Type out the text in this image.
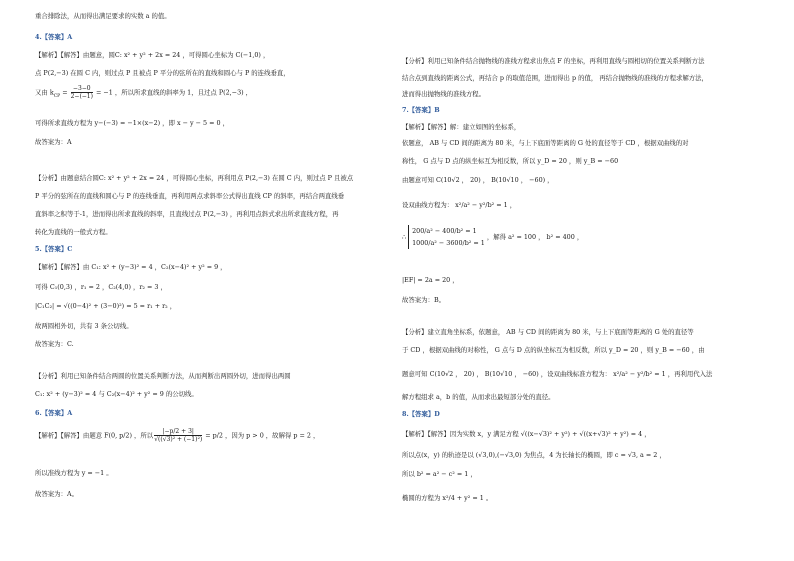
重合排除法，从而得出满足要求的实数 a 的值。
4.【答案】A
【解析】【解答】由题意，圆C: x² + y² + 2x = 24 ，可得圆心坐标为 C(−1,0) ，
点 P(2,−3) 在圆 C 内，则过点 P 且被点 P 平分的弦所在的直线和圆心与 P 的连线垂直，
又由 $k_{CP} = \frac{-3-0}{2-(-1)} = -1$ ，所以所求直线的斜率为 1，且过点 P(2,−3) ，
可得所求直线方程为 y−(−3) = −1×(x−2) ，即 x − y − 5 = 0 ，
故答案为：A
【分析】由题意结合圆C: x² + y² + 2x = 24 ，可得圆心坐标，再利用点 P(2,−3) 在圆 C 内，则过点 P 且被点
P 平分的弦所在的直线和圆心与 P 的连线垂直，再利用两点求斜率公式得出直线 CP 的斜率，再结合两直线垂
直斜率之积等于-1，进而得出所求直线的斜率，且直线过点 P(2,−3) ，再利用点斜式求出所求直线方程，再
转化为直线的一般式方程。
5.【答案】C
【解析】【解答】由 C₁: x² + (y−3)² = 4 ，C₂(x−4)² + y² = 9 ，
可得 C₁(0,3) ，r₁ = 2 ，C₂(4,0) ，r₂ = 3 ，
|C₁C₂| = √((0−4)² + (3−0)²) = 5 = r₁ + r₂ ，
故两圆相外切，共有 3 条公切线。
故答案为：C.
【分析】利用已知条件结合两圆的位置关系判断方法，从而判断出两圆外切，进而得出两圆
C₁: x² + (y−3)² = 4 与 C₂(x−4)² + y² = 9 的公切线。
6.【答案】A
【解析】【解答】由题意 F(0, p/2) ，所以 $\frac{|-p/2 + 3|}{\text{√((√3)² + (−1)²)}} = p/2$ ，因为 p > 0 ，故解得 p = 2 ，
所以准线方程为 y = −1 。
故答案为：A。
【分析】利用已知条件结合抛物线的准线方程求出焦点 F 的坐标，再利用直线与圆相切的位置关系判断方法
结合点到直线的距离公式，再结合 p 的取值范围，进而得出 p 的值， 再结合抛物线的准线的方程求解方法，
进而得出抛物线的准线方程。
7.【答案】B
【解析】【解答】解：建立如图的坐标系，
依题意， AB 与 CD 间的距离为 80 米，与上下底面等距离的 G 处的直径等于 CD ，根据双曲线的对
称性， G 点与 D 点的纵坐标互为相反数，所以 y_D = 20 ，则 y_B = −60
由题意可知 C(10√2 ， 20) ， B(10√10 ， −60) ，
设双曲线方程为： x²/a² − y²/b² = 1 ，
∴
200/a² − 400/b² = 1
1000/a² − 3600/b² = 1
，解得 a² = 100 ， b² = 400 ，
|EF| = 2a = 20 ，
故答案为：B。
【分析】建立直角坐标系，依题意， AB 与 CD 间的距离为 80 米，与上下底面等距离的 G 处的直径等
于 CD ，根据双曲线的对称性， G 点与 D 点的纵坐标互为相反数，所以 y_D = 20 ，则 y_B = −60 ，由
题意可知 C(10√2 ， 20) ， B(10√10 ， −60) ，设双曲线标准方程为： x²/a² − y²/b² = 1 ，再利用代入法
解方程组求 a，b 的值，从而求出最短部分处的直径。
8.【答案】D
【解析】【解答】因为实数 x，y 满足方程 √((x−√3)² + y²) + √((x+√3)² + y²) = 4 ，
所以点(x，y) 的轨迹是以 (√3,0),(−√3,0) 为焦点，4 为长轴长的椭圆，即 c = √3, a = 2 ，
所以 b² = a² − c² = 1 ，
椭圆的方程为 x²/4 + y² = 1 。
